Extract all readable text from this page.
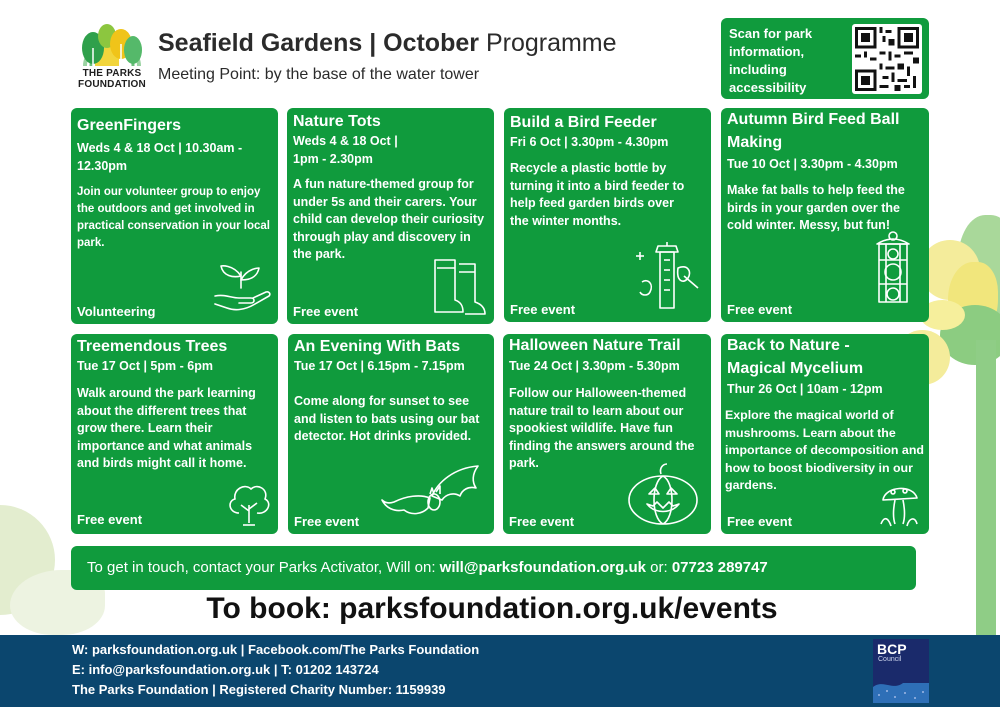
THE PARKS
FOUNDATION
Seafield Gardens | October Programme
Meeting Point: by the base of the water tower
Scan for park information, including accessibility
GreenFingers
Weds 4 & 18 Oct | 10.30am - 12.30pm
Join our volunteer group to enjoy the outdoors and get involved in practical conservation in your local park.
Volunteering
Nature Tots
Weds 4 & 18 Oct | 1pm - 2.30pm
A fun nature-themed group for under 5s and their carers. Your child can develop their curiosity through play and discovery in the park.
Free event
Build a Bird Feeder
Fri 6 Oct | 3.30pm - 4.30pm
Recycle a plastic bottle by turning it into a bird feeder to help feed garden birds over the winter months.
Free event
Autumn Bird Feed Ball Making
Tue 10 Oct | 3.30pm - 4.30pm
Make fat balls to help feed the birds in your garden over the cold winter. Messy, but fun!
Free event
Treemendous Trees
Tue 17 Oct | 5pm - 6pm
Walk around the park learning about the different trees that grow there. Learn their importance and what animals and birds might call it home.
Free event
An Evening With Bats
Tue 17 Oct | 6.15pm - 7.15pm
Come along for sunset to see and listen to bats using our bat detector. Hot drinks provided.
Free event
Halloween Nature Trail
Tue 24 Oct | 3.30pm - 5.30pm
Follow our Halloween-themed nature trail to learn about our spookiest wildlife. Have fun finding the answers around the park.
Free event
Back to Nature - Magical Mycelium
Thur 26 Oct | 10am - 12pm
Explore the magical world of mushrooms. Learn about the importance of decomposition and how to boost biodiversity in our gardens.
Free event
To get in touch, contact your Parks Activator, Will on: will@parksfoundation.org.uk or: 07723 289747
To book: parksfoundation.org.uk/events
W: parksfoundation.org.uk | Facebook.com/The Parks Foundation
E: info@parksfoundation.org.uk | T: 01202 143724
The Parks Foundation | Registered Charity Number: 1159939
BCP
Council
